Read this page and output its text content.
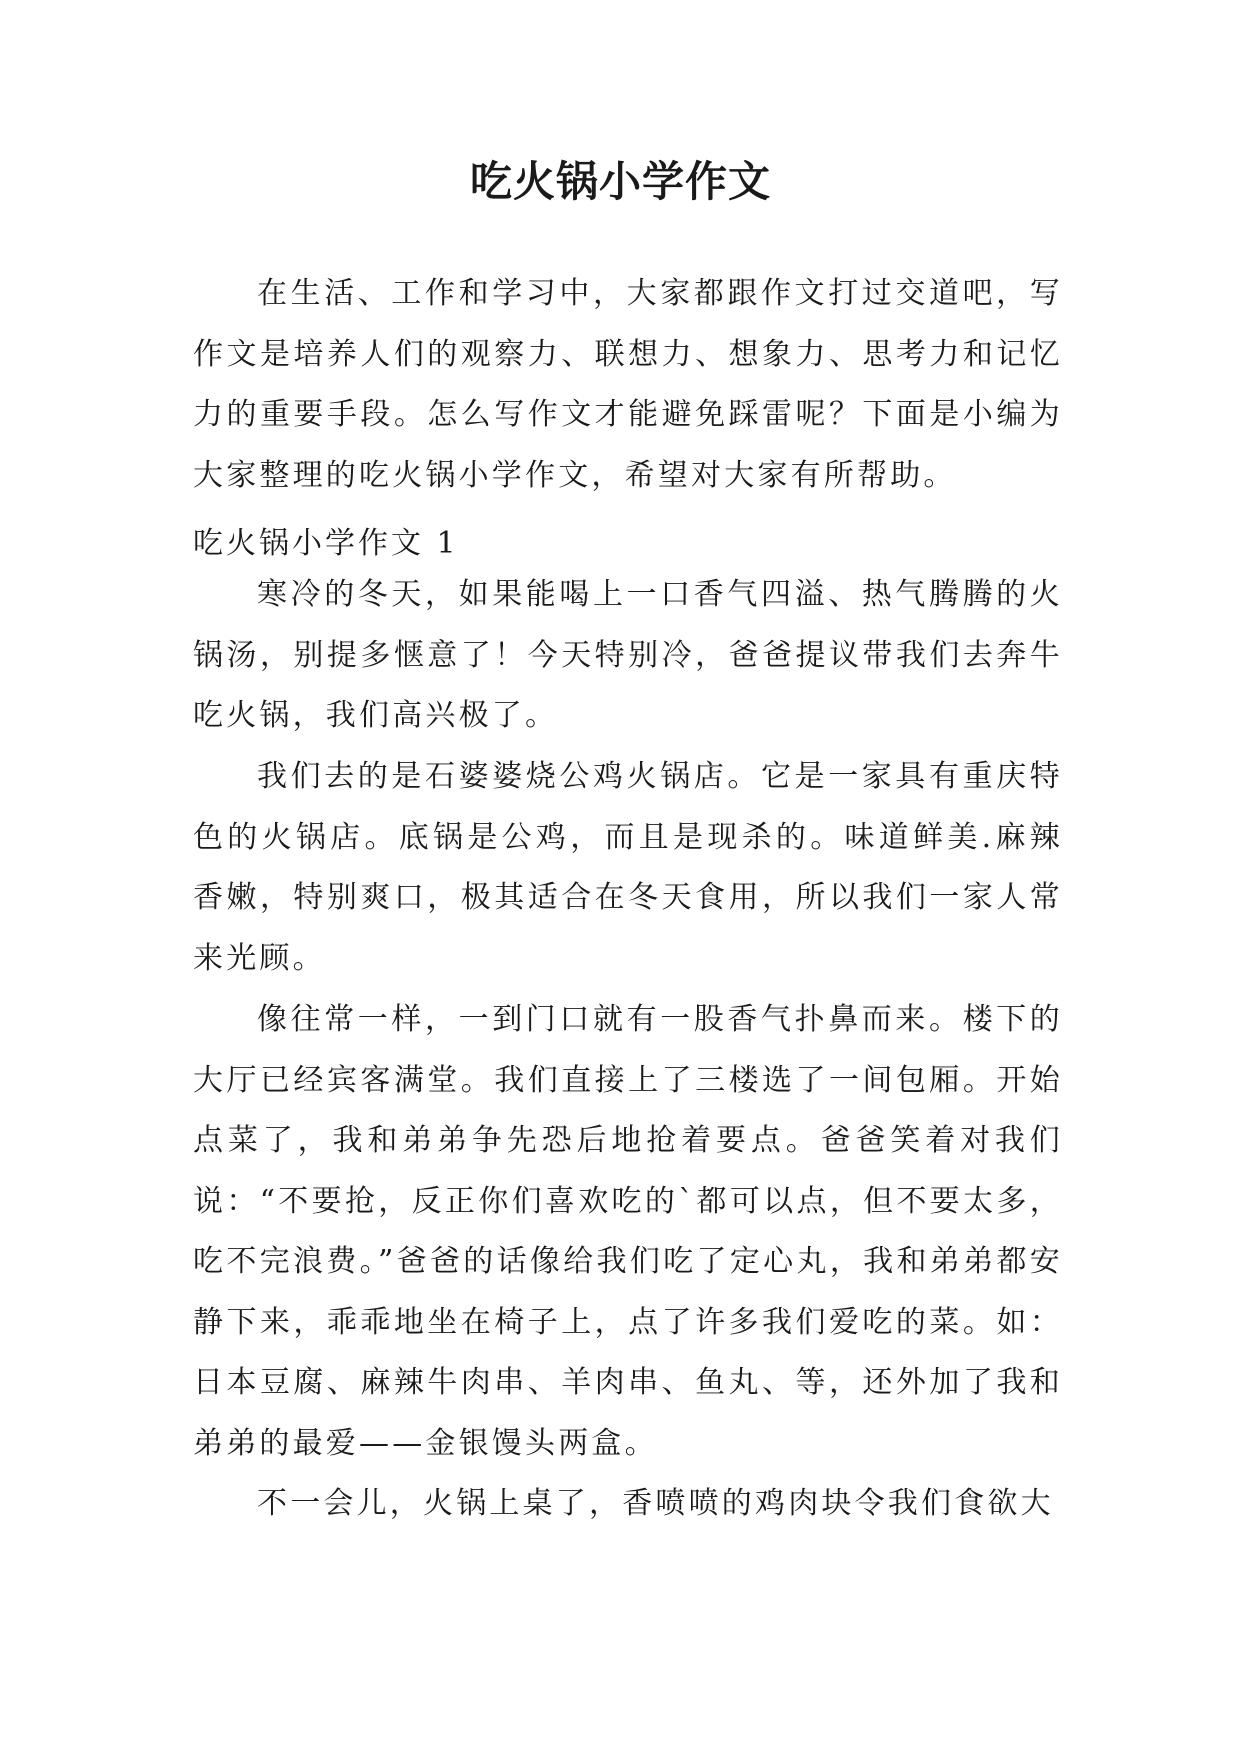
吃火锅小学作文

在生活、工作和学习中，大家都跟作文打过交道吧，写作文是培养人们的观察力、联想力、想象力、思考力和记忆力的重要手段。怎么写作文才能避免踩雷呢？下面是小编为大家整理的吃火锅小学作文，希望对大家有所帮助。

吃火锅小学作文 1

寒冷的冬天，如果能喝上一口香气四溢、热气腾腾的火锅汤，别提多惬意了！今天特别冷，爸爸提议带我们去奔牛吃火锅，我们高兴极了。

我们去的是石婆婆烧公鸡火锅店。它是一家具有重庆特色的火锅店。底锅是公鸡，而且是现杀的。味道鲜美.麻辣香嫩，特别爽口，极其适合在冬天食用，所以我们一家人常来光顾。

像往常一样，一到门口就有一股香气扑鼻而来。楼下的大厅已经宾客满堂。我们直接上了三楼选了一间包厢。开始点菜了，我和弟弟争先恐后地抢着要点。爸爸笑着对我们说：“不要抢，反正你们喜欢吃的`都可以点，但不要太多，吃不完浪费。”爸爸的话像给我们吃了定心丸，我和弟弟都安静下来，乖乖地坐在椅子上，点了许多我们爱吃的菜。如：日本豆腐、麻辣牛肉串、羊肉串、鱼丸、等，还外加了我和弟弟的最爱——金银馒头两盒。

不一会儿，火锅上桌了，香喷喷的鸡肉块令我们食欲大
